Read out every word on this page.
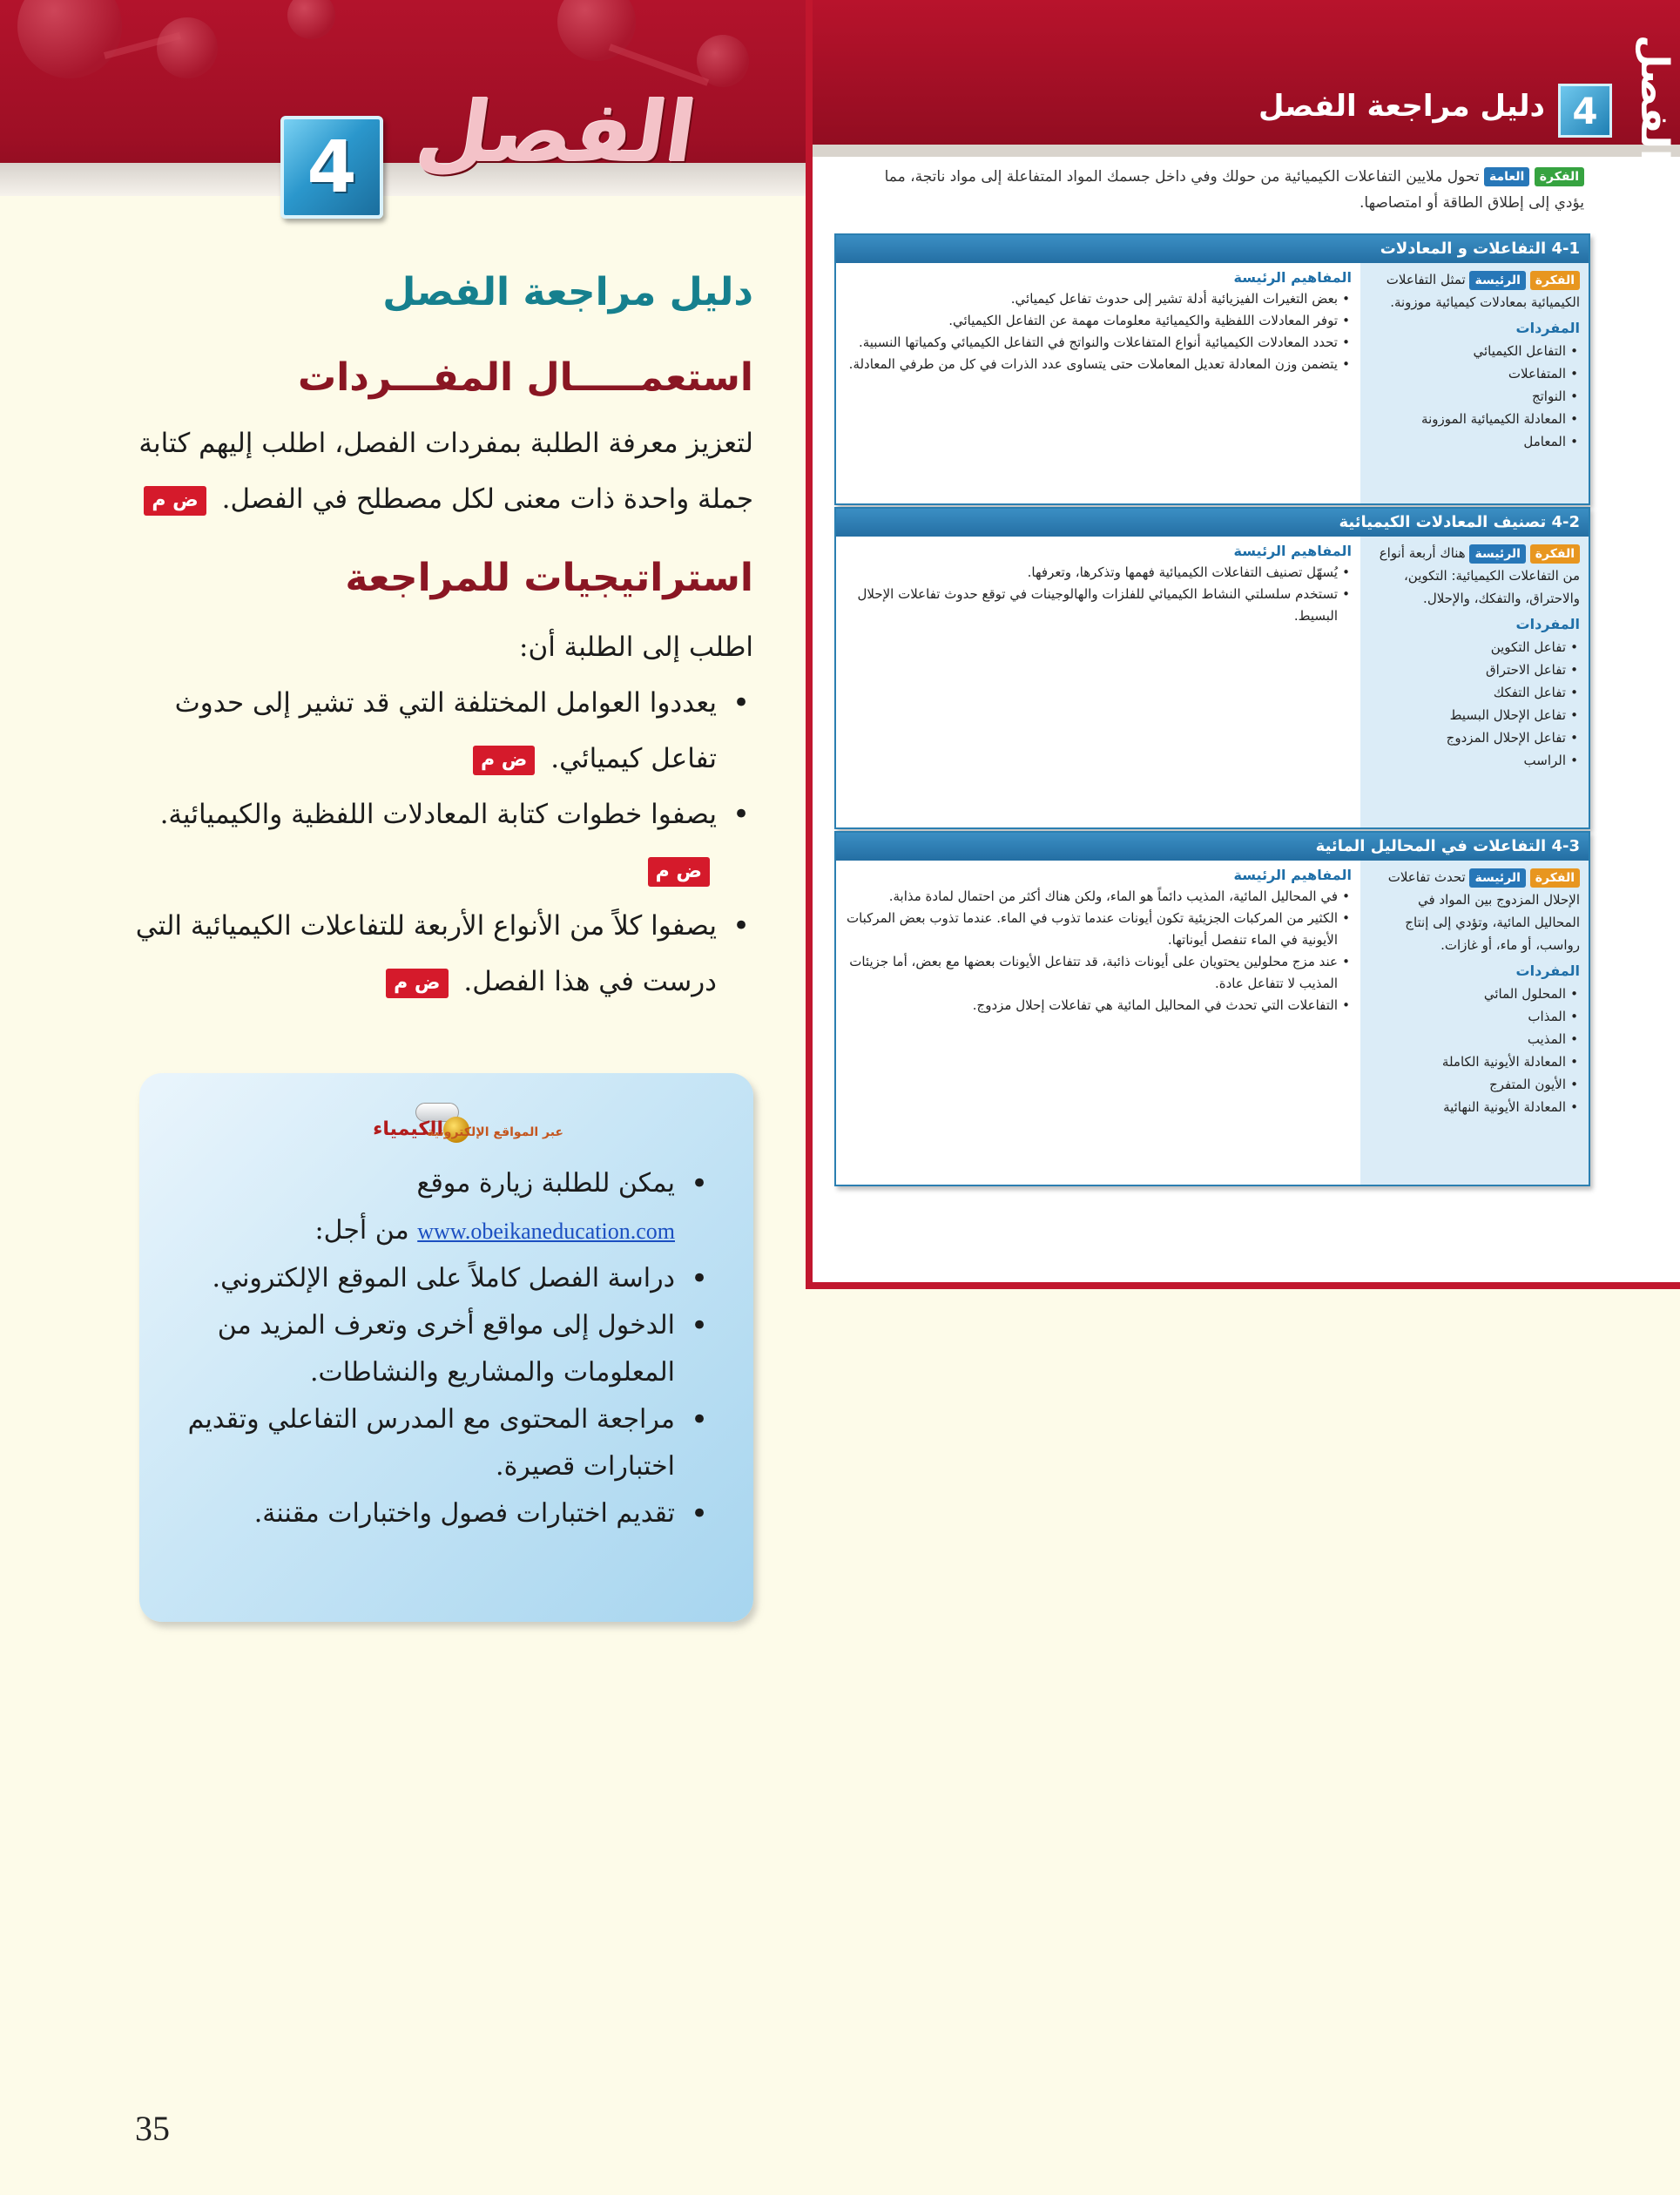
الفصل
4
دليل مراجعة الفصل
استعمـــــال المفـــردات
لتعزيز معرفة الطلبة بمفردات الفصل، اطلب إليهم كتابة جملة واحدة ذات معنى لكل مصطلح في الفصل. ض م
استراتيجيات للمراجعة
اطلب إلى الطلبة أن:
• يعددوا العوامل المختلفة التي قد تشير إلى حدوث تفاعل كيميائي. ض م
• يصفوا خطوات كتابة المعادلات اللفظية والكيميائية. ض م
• يصفوا كلاً من الأنواع الأربعة للتفاعلات الكيميائية التي درست في هذا الفصل. ض م
الكيمياء
عبر المواقع الإلكترونية
• يمكن للطلبة زيارة موقع
www.obeikaneducation.com من أجل:
• دراسة الفصل كاملاً على الموقع الإلكتروني.
• الدخول إلى مواقع أخرى وتعرف المزيد من المعلومات والمشاريع والنشاطات.
• مراجعة المحتوى مع المدرس التفاعلي وتقديم اختبارات قصيرة.
• تقديم اختبارات فصول واختبارات مقننة.
35
الفصل
4
دليل مراجعة الفصل
الفكرة العامة تحول ملايين التفاعلات الكيميائية من حولك وفي داخل جسمك المواد المتفاعلة إلى مواد ناتجة، مما يؤدي إلى إطلاق الطاقة أو امتصاصها.
4-1 التفاعلات و المعادلات
الفكرة الرئيسة تمثل التفاعلات الكيميائية بمعادلات كيميائية موزونة.
المفردات
• التفاعل الكيميائي
• المتفاعلات
• النواتج
• المعادلة الكيميائية الموزونة
• المعامل
المفاهيم الرئيسة
• بعض التغيرات الفيزيائية أدلة تشير إلى حدوث تفاعل كيميائي.
• توفر المعادلات اللفظية والكيميائية معلومات مهمة عن التفاعل الكيميائي.
• تحدد المعادلات الكيميائية أنواع المتفاعلات والنواتج في التفاعل الكيميائي وكمياتها النسبية.
• يتضمن وزن المعادلة تعديل المعاملات حتى يتساوى عدد الذرات في كل من طرفي المعادلة.
4-2 تصنيف المعادلات الكيميائية
الفكرة الرئيسة هناك أربعة أنواع من التفاعلات الكيميائية: التكوين، والاحتراق، والتفكك، والإحلال.
المفردات
• تفاعل التكوين
• تفاعل الاحتراق
• تفاعل التفكك
• تفاعل الإحلال البسيط
• تفاعل الإحلال المزدوج
• الراسب
المفاهيم الرئيسة
• يُسهّل تصنيف التفاعلات الكيميائية فهمها وتذكرها، وتعرفها.
• تستخدم سلسلتي النشاط الكيميائي للفلزات والهالوجينات في توقع حدوث تفاعلات الإحلال البسيط.
4-3 التفاعلات في المحاليل المائية
الفكرة الرئيسة تحدث تفاعلات الإحلال المزدوج بين المواد في المحاليل المائية، وتؤدي إلى إنتاج رواسب، أو ماء، أو غازات.
المفردات
• المحلول المائي
• المذاب
• المذيب
• المعادلة الأيونية الكاملة
• الأيون المتفرج
• المعادلة الأيونية النهائية
المفاهيم الرئيسة
• في المحاليل المائية، المذيب دائماً هو الماء، ولكن هناك أكثر من احتمال لمادة مذابة.
• الكثير من المركبات الجزيئية تكون أيونات عندما تذوب في الماء. عندما تذوب بعض المركبات الأيونية في الماء تنفصل أيوناتها.
• عند مزج محلولين يحتويان على أيونات ذائبة، قد تتفاعل الأيونات بعضها مع بعض، أما جزيئات المذيب لا تتفاعل عادة.
• التفاعلات التي تحدث في المحاليل المائية هي تفاعلات إحلال مزدوج.
